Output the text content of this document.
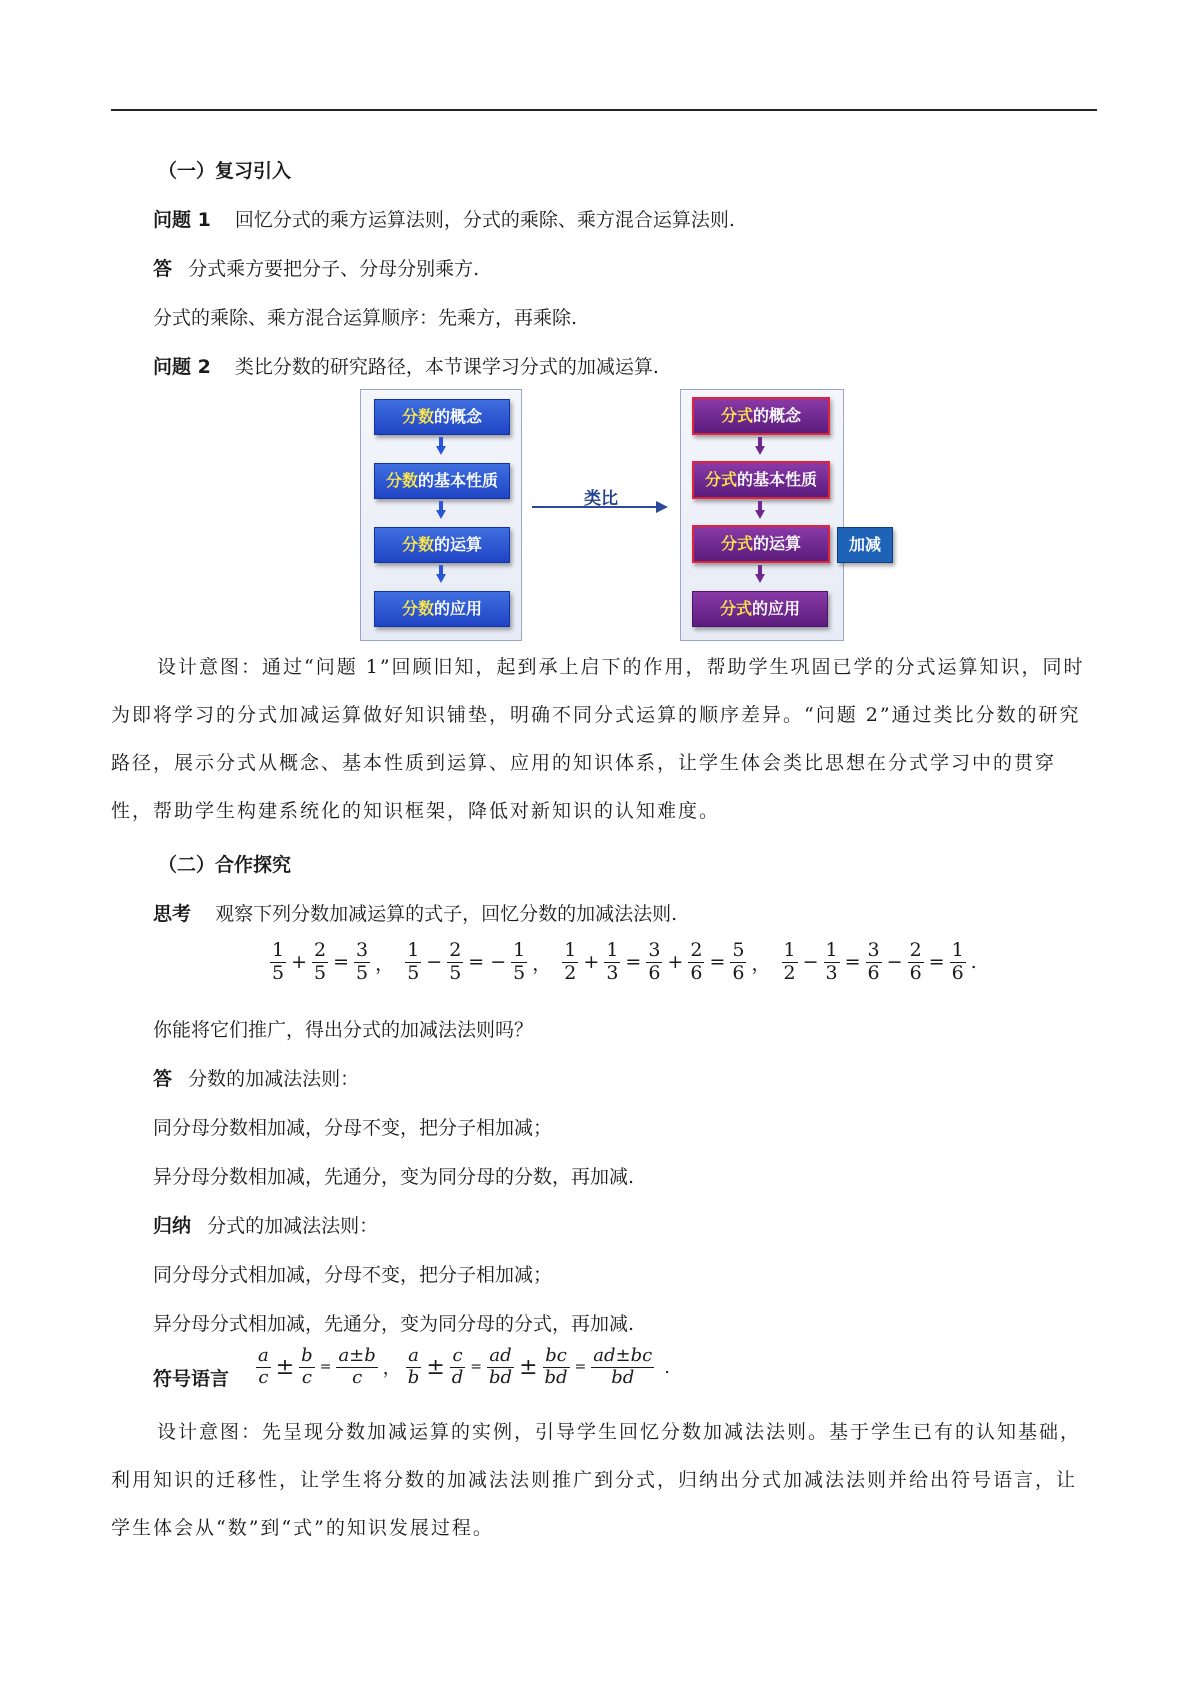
（一）复习引入
问题 1 回忆分式的乘方运算法则，分式的乘除、乘方混合运算法则.
答 分式乘方要把分子、分母分别乘方.
分式的乘除、乘方混合运算顺序：先乘方，再乘除.
问题 2 类比分数的研究路径，本节课学习分式的加减运算.
分数的概念
分数的基本性质
分数的运算
分数的应用
分式的概念
分式的基本性质
分式的运算
分式的应用
类比
加减
设计意图：通过“问题 1”回顾旧知，起到承上启下的作用，帮助学生巩固已学的分式运算知识，同时为即将学习的分式加减运算做好知识铺垫，明确不同分式运算的顺序差异。“问题 2”通过类比分数的研究路径，展示分式从概念、基本性质到运算、应用的知识体系，让学生体会类比思想在分式学习中的贯穿性，帮助学生构建系统化的知识框架，降低对新知识的认知难度。
（二）合作探究
思考 观察下列分数加减运算的式子，回忆分数的加减法法则.
$\frac{1}{5} + \frac{2}{5} = \frac{3}{5}$ ， $\frac{1}{5} - \frac{2}{5}$ = − $\frac{1}{5}$ ， $\frac{1}{2} + \frac{1}{3} = \frac{3}{6} + \frac{2}{6} = \frac{5}{6}$ ， $\frac{1}{2} - \frac{1}{3} = \frac{3}{6} - \frac{2}{6} = \frac{1}{6}$ .
你能将它们推广，得出分式的加减法法则吗？
答 分数的加减法法则：
同分母分数相加减，分母不变，把分子相加减；
异分母分数相加减，先通分，变为同分母的分数，再加减.
归纳 分式的加减法法则：
同分母分式相加减，分母不变，把分子相加减；
异分母分式相加减，先通分，变为同分母的分式，再加减.
符号语言 $\frac{a}{c} \pm \frac{b}{c} = \frac{a\pm b}{c}$ ， $\frac{a}{b} \pm \frac{c}{d} = \frac{ad}{bd} \pm \frac{bc}{bd} = \frac{ad\pm bc}{bd}$ .
设计意图：先呈现分数加减运算的实例，引导学生回忆分数加减法法则。基于学生已有的认知基础，利用知识的迁移性，让学生将分数的加减法法则推广到分式，归纳出分式加减法法则并给出符号语言，让学生体会从“数”到“式”的知识发展过程。
